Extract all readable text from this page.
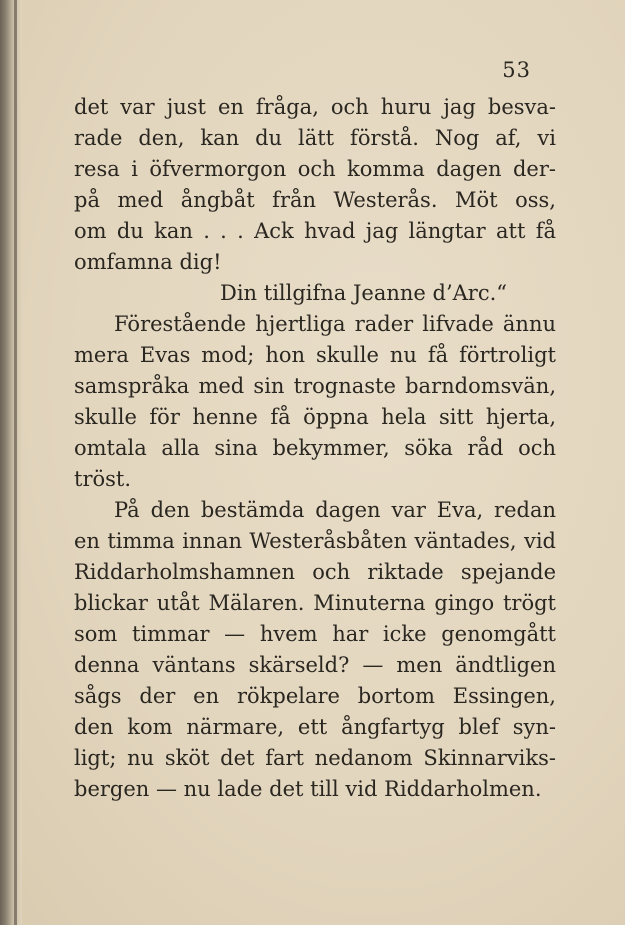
53
det var just en fråga, och huru jag besva-
rade den, kan du lätt förstå. Nog af, vi
resa i öfvermorgon och komma dagen der-
på med ångbåt från Westerås. Möt oss,
om du kan . . . Ack hvad jag längtar att få
omfamna dig!
Din tillgifna Jeanne d’Arc.“
Förestående hjertliga rader lifvade ännu
mera Evas mod; hon skulle nu få förtroligt
samspråka med sin trognaste barndomsvän,
skulle för henne få öppna hela sitt hjerta,
omtala alla sina bekymmer, söka råd och
tröst.
På den bestämda dagen var Eva, redan
en timma innan Westeråsbåten väntades, vid
Riddarholmshamnen och riktade spejande
blickar utåt Mälaren. Minuterna gingo trögt
som timmar — hvem har icke genomgått
denna väntans skärseld? — men ändtligen
sågs der en rökpelare bortom Essingen,
den kom närmare, ett ångfartyg blef syn-
ligt; nu sköt det fart nedanom Skinnarviks-
bergen — nu lade det till vid Riddarholmen.
